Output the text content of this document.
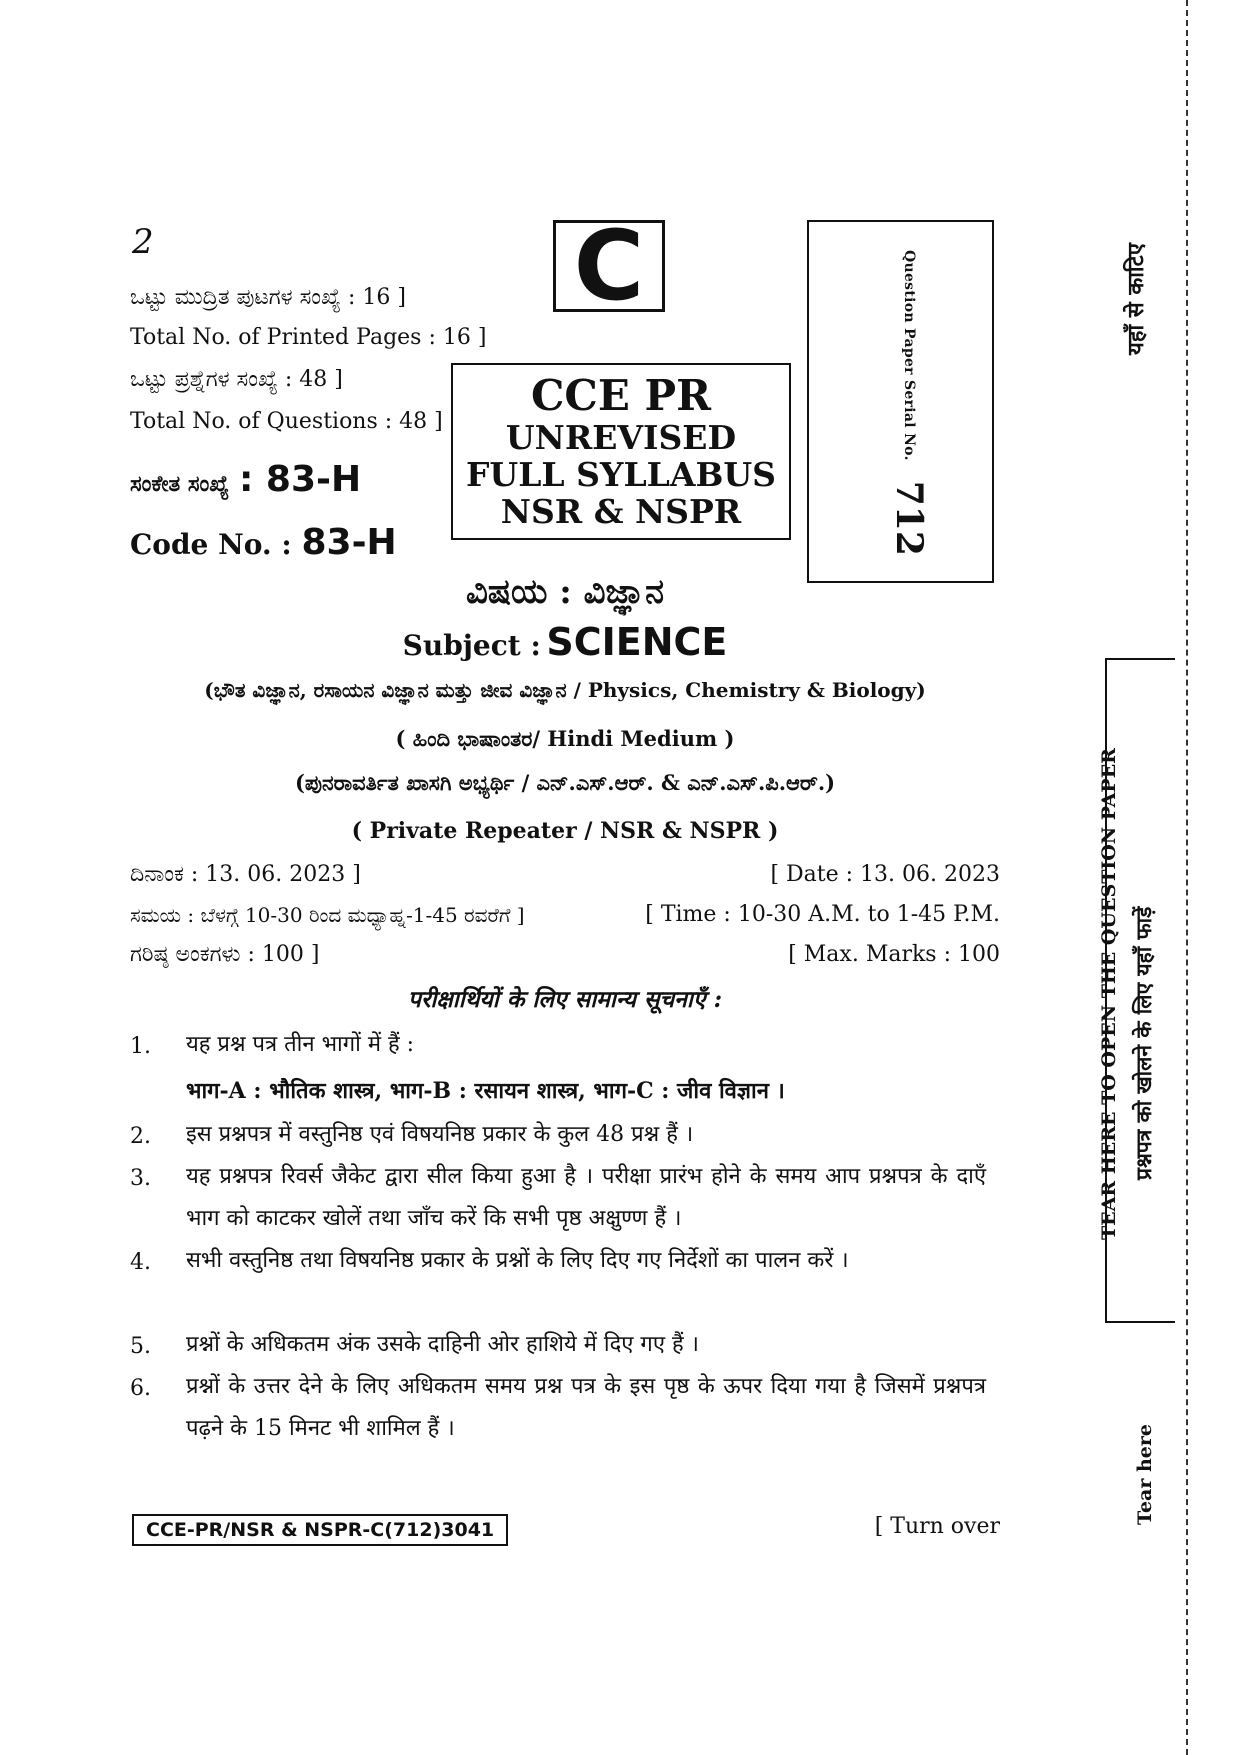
2
ಒಟ್ಟು ಮುದ್ರಿತ ಪುಟಗಳ ಸಂಖ್ಯೆ : 16 ]
Total No. of Printed Pages : 16 ]
ಒಟ್ಟು ಪ್ರಶ್ನೆಗಳ ಸಂಖ್ಯೆ : 48 ]
Total No. of Questions : 48 ]
ಸಂಕೇತ ಸಂಖ್ಯೆ : 83-H
Code No. : 83-H
C
CCE PR
UNREVISED
FULL SYLLABUS
NSR & NSPR
Question Paper Serial No.
712
ವಿಷಯ : ವಿಜ್ಞಾನ
Subject : SCIENCE
(ಭೌತ ವಿಜ್ಞಾನ, ರಸಾಯನ ವಿಜ್ಞಾನ ಮತ್ತು ಜೀವ ವಿಜ್ಞಾನ / Physics, Chemistry & Biology)
( ಹಿಂದಿ ಭಾಷಾಂತರ/ Hindi Medium )
(ಪುನರಾವರ್ತಿತ ಖಾಸಗಿ ಅಭ್ಯರ್ಥಿ / ಎನ್.ಎಸ್.ಆರ್. & ಎನ್.ಎಸ್.ಪಿ.ಆರ್.)
( Private Repeater / NSR & NSPR )
ದಿನಾಂಕ : 13. 06. 2023 ]	[ Date : 13. 06. 2023
ಸಮಯ : ಬೆಳಗ್ಗೆ 10-30 ರಿಂದ ಮಧ್ಯಾಹ್ನ-1-45 ರವರೆಗೆ ]	[ Time : 10-30 A.M. to 1-45 P.M.
ಗರಿಷ್ಠ ಅಂಕಗಳು : 100 ]	[ Max. Marks : 100
परीक्षार्थियों के लिए सामान्य सूचनाएँ :
1. यह प्रश्न पत्र तीन भागों में हैं :
भाग-A : भौतिक शास्त्र, भाग-B : रसायन शास्त्र, भाग-C : जीव विज्ञान ।
2. इस प्रश्नपत्र में वस्तुनिष्ठ एवं विषयनिष्ठ प्रकार के कुल 48 प्रश्न हैं ।
3. यह प्रश्नपत्र रिवर्स जैकेट द्वारा सील किया हुआ है । परीक्षा प्रारंभ होने के समय आप प्रश्नपत्र के दाएँ भाग को काटकर खोलें तथा जाँच करें कि सभी पृष्ठ अक्षुण्ण हैं ।
4. सभी वस्तुनिष्ठ तथा विषयनिष्ठ प्रकार के प्रश्नों के लिए दिए गए निर्देशों का पालन करें ।
5. प्रश्नों के अधिकतम अंक उसके दाहिनी ओर हाशिये में दिए गए हैं ।
6. प्रश्नों के उत्तर देने के लिए अधिकतम समय प्रश्न पत्र के इस पृष्ठ के ऊपर दिया गया है जिसमें प्रश्नपत्र पढ़ने के 15 मिनट भी शामिल हैं ।
CCE-PR/NSR & NSPR-C(712)3041	[ Turn over
यहाँ से काटिए
TEAR HERE TO OPEN THE QUESTION PAPER प्रश्नपत्र को खोलने के लिए यहाँ फाड़ें
Tear here
